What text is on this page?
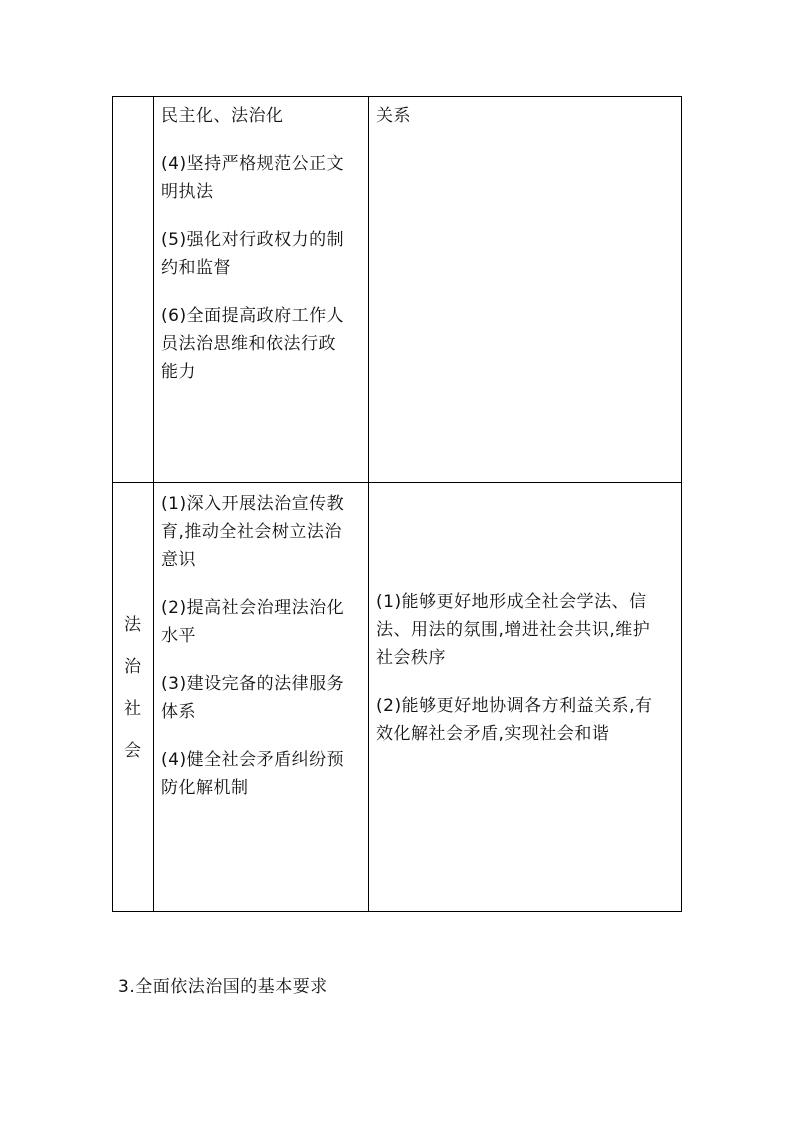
民主化、法治化

(4)坚持严格规范公正文

明执法

(5)强化对行政权力的制

约和监督

(6)全面提高政府工作人

员法治思维和依法行政

能力

关系

法
治
社
会

(1)深入开展法治宣传教

育,推动全社会树立法治

意识

(2)提高社会治理法治化

水平

(3)建设完备的法律服务

体系

(4)健全社会矛盾纠纷预

防化解机制

(1)能够更好地形成全社会学法、信

法、用法的氛围,增进社会共识,维护

社会秩序

(2)能够更好地协调各方利益关系,有

效化解社会矛盾,实现社会和谐

3.全面依法治国的基本要求
